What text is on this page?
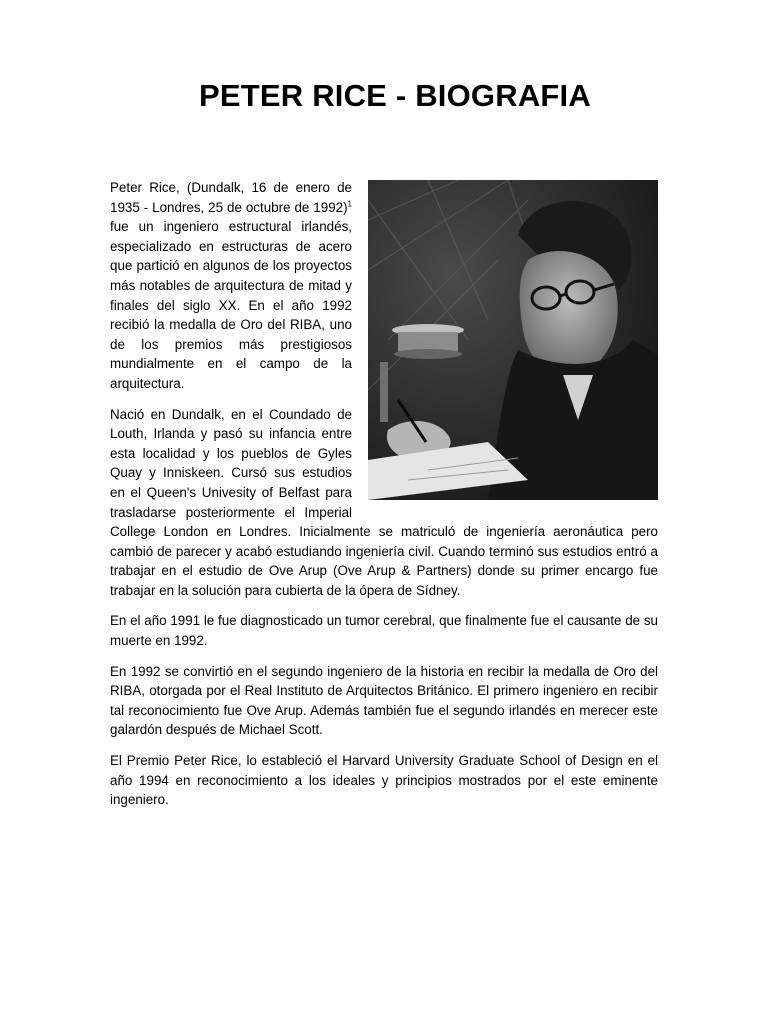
PETER RICE - BIOGRAFIA

Peter Rice, (Dundalk, 16 de enero de 1935 - Londres, 25 de octubre de 1992)$^1$ fue un ingeniero estructural irlandés, especializado en estructuras de acero que partició en algunos de los proyectos más notables de arquitectura de mitad y finales del siglo XX. En el año 1992 recibió la medalla de Oro del RIBA, uno de los premios más prestigiosos mundialmente en el campo de la arquitectura.

Nació en Dundalk, en el Coundado de Louth, Irlanda y pasó su infancia entre esta localidad y los pueblos de Gyles Quay y Inniskeen. Cursó sus estudios en el Queen's Univesity of Belfast para trasladarse posteriormente el Imperial College London en Londres. Inicialmente se matriculó de ingeniería aeronáutica pero cambió de parecer y acabó estudiando ingeniería civil. Cuando terminó sus estudios entró a trabajar en el estudio de Ove Arup (Ove Arup & Partners) donde su primer encargo fue trabajar en la solución para cubierta de la ópera de Sídney.

En el año 1991 le fue diagnosticado un tumor cerebral, que finalmente fue el causante de su muerte en 1992.

En 1992 se convirtió en el segundo ingeniero de la historia en recibir la medalla de Oro del RIBA, otorgada por el Real Instituto de Arquitectos Británico. El primero ingeniero en recibir tal reconocimiento fue Ove Arup. Además también fue el segundo irlandés en merecer este galardón después de Michael Scott.

El Premio Peter Rice, lo estableció el Harvard University Graduate School of Design en el año 1994 en reconocimiento a los ideales y principios mostrados por el este eminente ingeniero.
